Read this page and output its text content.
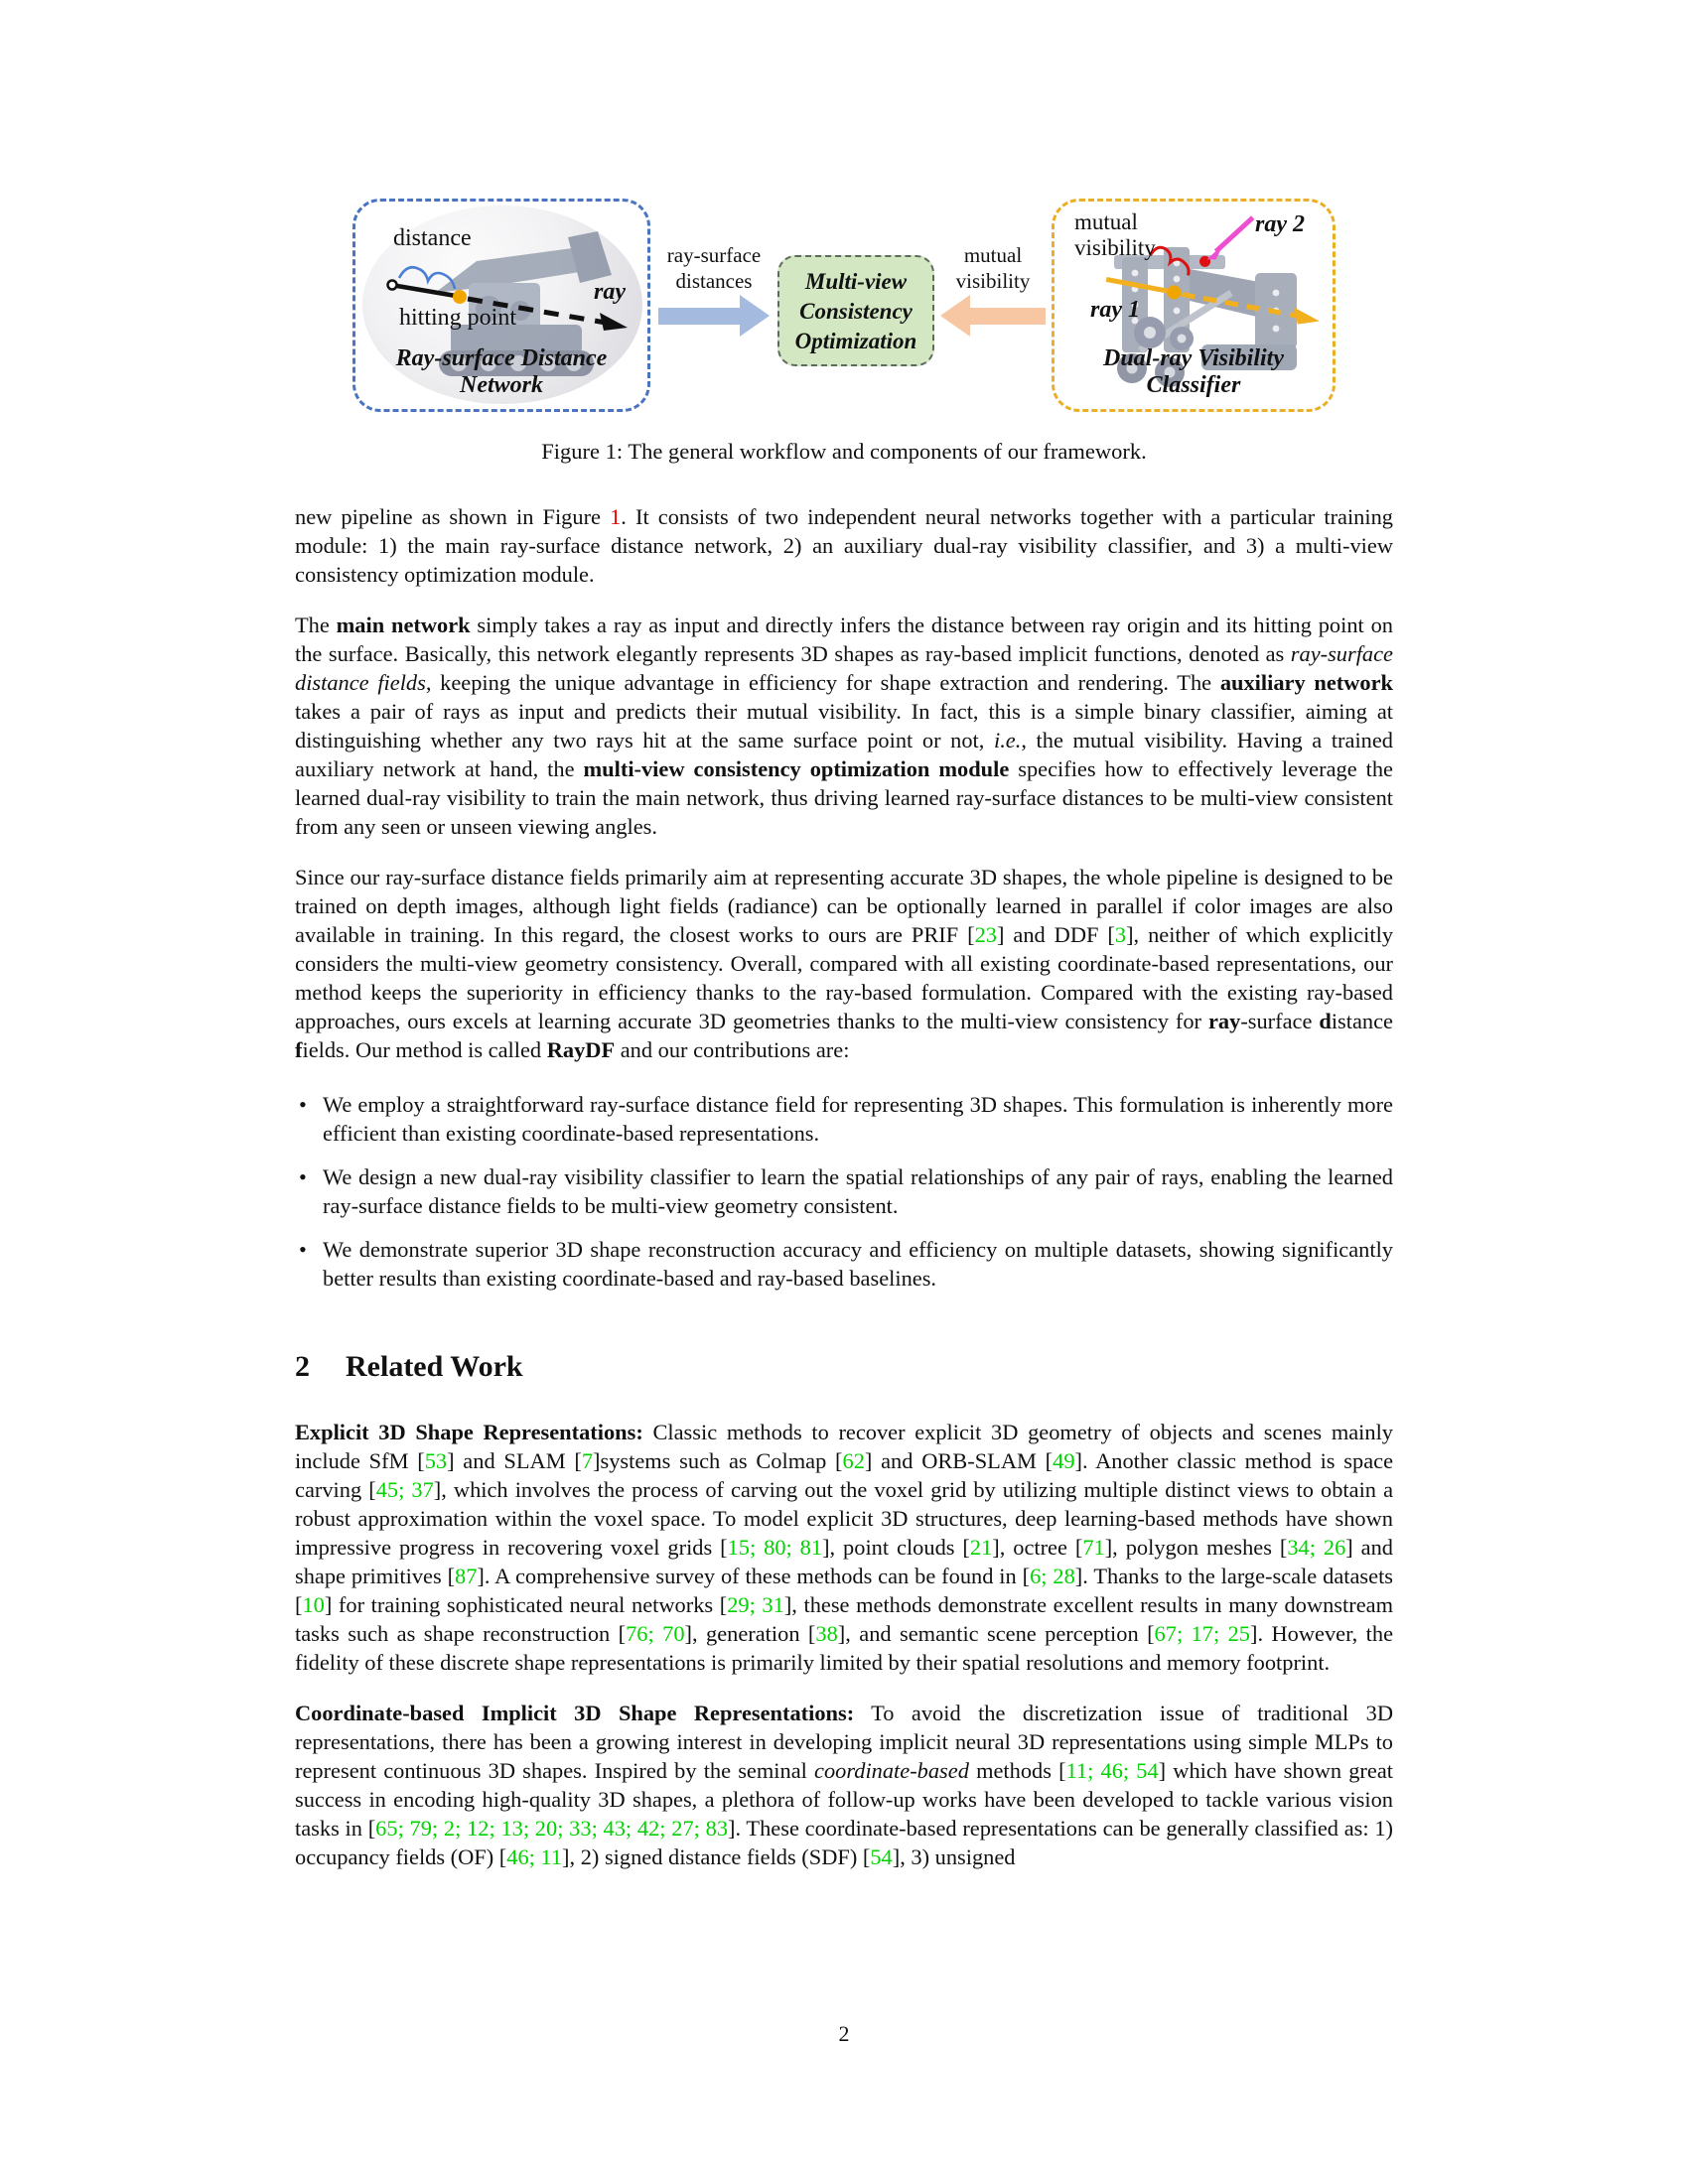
distance
hitting point
ray
Ray-surface Distance Network
ray-surface
distances	Multi-view
Consistency
Optimization
mutual
visibility
mutual
visibility
ray 2
ray 1
Dual-ray Visibility Classifier
Figure 1: The general workflow and components of our framework.
new pipeline as shown in Figure 1. It consists of two independent neural networks together with a particular training module: 1) the main ray-surface distance network, 2) an auxiliary dual-ray visibility classifier, and 3) a multi-view consistency optimization module.
The main network simply takes a ray as input and directly infers the distance between ray origin and its hitting point on the surface. Basically, this network elegantly represents 3D shapes as ray-based implicit functions, denoted as ray-surface distance fields, keeping the unique advantage in efficiency for shape extraction and rendering. The auxiliary network takes a pair of rays as input and predicts their mutual visibility. In fact, this is a simple binary classifier, aiming at distinguishing whether any two rays hit at the same surface point or not, i.e., the mutual visibility. Having a trained auxiliary network at hand, the multi-view consistency optimization module specifies how to effectively leverage the learned dual-ray visibility to train the main network, thus driving learned ray-surface distances to be multi-view consistent from any seen or unseen viewing angles.
Since our ray-surface distance fields primarily aim at representing accurate 3D shapes, the whole pipeline is designed to be trained on depth images, although light fields (radiance) can be optionally learned in parallel if color images are also available in training. In this regard, the closest works to ours are PRIF [23] and DDF [3], neither of which explicitly considers the multi-view geometry consistency. Overall, compared with all existing coordinate-based representations, our method keeps the superiority in efficiency thanks to the ray-based formulation. Compared with the existing ray-based approaches, ours excels at learning accurate 3D geometries thanks to the multi-view consistency for ray-surface distance fields. Our method is called RayDF and our contributions are:
• We employ a straightforward ray-surface distance field for representing 3D shapes. This formulation is inherently more efficient than existing coordinate-based representations.
• We design a new dual-ray visibility classifier to learn the spatial relationships of any pair of rays, enabling the learned ray-surface distance fields to be multi-view geometry consistent.
• We demonstrate superior 3D shape reconstruction accuracy and efficiency on multiple datasets, showing significantly better results than existing coordinate-based and ray-based baselines.
2 Related Work
Explicit 3D Shape Representations: Classic methods to recover explicit 3D geometry of objects and scenes mainly include SfM [53] and SLAM [7]systems such as Colmap [62] and ORB-SLAM [49]. Another classic method is space carving [45; 37], which involves the process of carving out the voxel grid by utilizing multiple distinct views to obtain a robust approximation within the voxel space. To model explicit 3D structures, deep learning-based methods have shown impressive progress in recovering voxel grids [15; 80; 81], point clouds [21], octree [71], polygon meshes [34; 26] and shape primitives [87]. A comprehensive survey of these methods can be found in [6; 28]. Thanks to the large-scale datasets [10] for training sophisticated neural networks [29; 31], these methods demonstrate excellent results in many downstream tasks such as shape reconstruction [76; 70], generation [38], and semantic scene perception [67; 17; 25]. However, the fidelity of these discrete shape representations is primarily limited by their spatial resolutions and memory footprint.
Coordinate-based Implicit 3D Shape Representations: To avoid the discretization issue of traditional 3D representations, there has been a growing interest in developing implicit neural 3D representations using simple MLPs to represent continuous 3D shapes. Inspired by the seminal coordinate-based methods [11; 46; 54] which have shown great success in encoding high-quality 3D shapes, a plethora of follow-up works have been developed to tackle various vision tasks in [65; 79; 2; 12; 13; 20; 33; 43; 42; 27; 83]. These coordinate-based representations can be generally classified as: 1) occupancy fields (OF) [46; 11], 2) signed distance fields (SDF) [54], 3) unsigned
2
